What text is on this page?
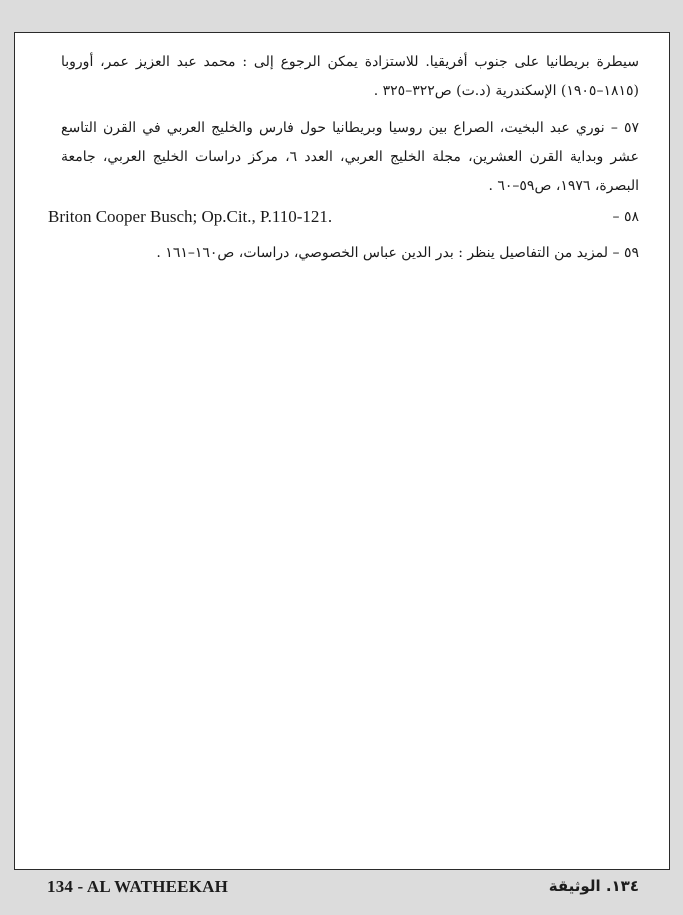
سيطرة بريطانيا على جنوب أفريقيا. للاستزادة يمكن الرجوع إلى : محمد عبد العزيز عمر، أوروبا (١٨١٥–١٩٠٥) الإسكندرية (د.ت) ص٣٢٢–٣٢٥ .
٥٧ – نوري عبد البخيت، الصراع بين روسيا وبريطانيا حول فارس والخليج العربي في القرن التاسع عشر وبداية القرن العشرين، مجلة الخليج العربي، العدد ٦، مركز دراسات الخليج العربي، جامعة البصرة، ١٩٧٦، ص٥٩–٦٠ .
Briton Cooper Busch; Op.Cit., P.110-121.	٥٨ –
٥٩ – لمزيد من التفاصيل ينظر : بدر الدين عباس الخصوصي، دراسات، ص١٦٠–١٦١ .
134 - AL WATHEEKAH	١٣٤. الوثيقة
